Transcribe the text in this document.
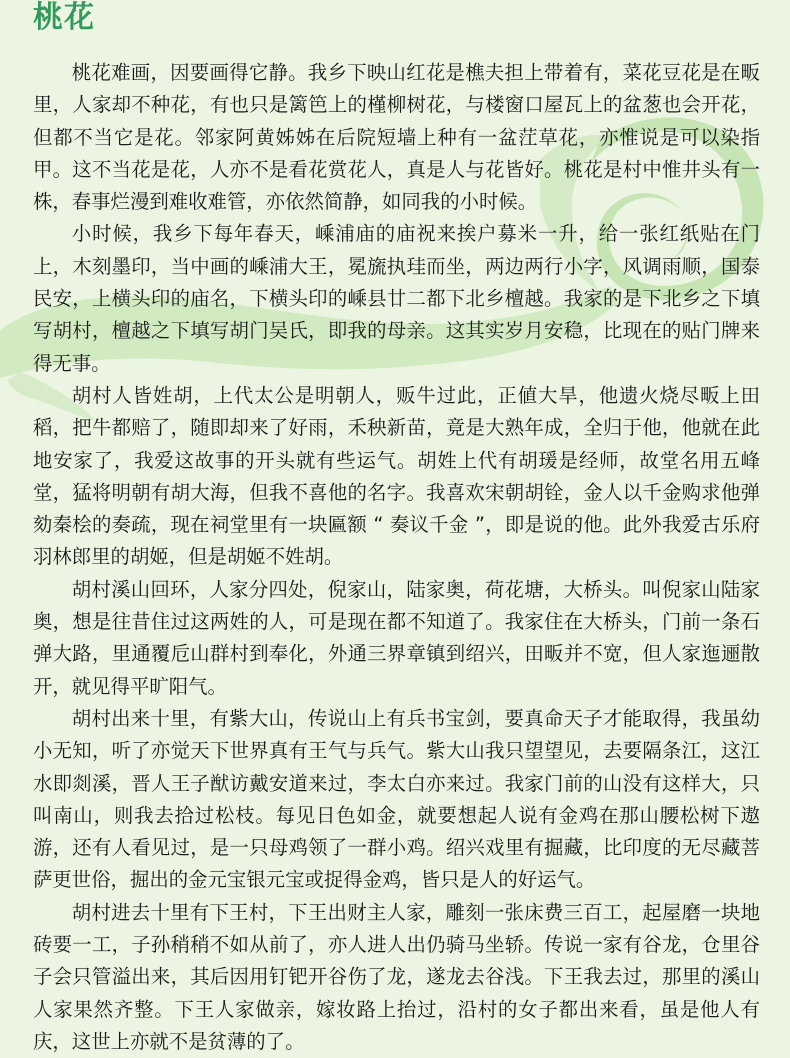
桃花

桃花难画，因要画得它静。我乡下映山红花是樵夫担上带着有，菜花豆花是在畈里，人家却不种花，有也只是篱笆上的槿柳树花，与楼窗口屋瓦上的盆葱也会开花，但都不当它是花。邻家阿黄姊姊在后院短墙上种有一盆茳草花，亦惟说是可以染指甲。这不当花是花，人亦不是看花赏花人，真是人与花皆好。桃花是村中惟井头有一株，春事烂漫到难收难管，亦依然简静，如同我的小时候。

小时候，我乡下每年春天，嵊浦庙的庙祝来挨户募米一升，给一张红纸贴在门上，木刻墨印，当中画的嵊浦大王，冕旒执珪而坐，两边两行小字，风调雨顺，国泰民安，上横头印的庙名，下横头印的嵊县廿二都下北乡檀越。我家的是下北乡之下填写胡村，檀越之下填写胡门吴氏，即我的母亲。这其实岁月安稳，比现在的贴门牌来得无事。

胡村人皆姓胡，上代太公是明朝人，贩牛过此，正値大旱，他遗火烧尽畈上田稻，把牛都赔了，随即却来了好雨，禾秧新苗，竟是大熟年成，全归于他，他就在此地安家了，我爱这故事的开头就有些运气。胡姓上代有胡瑗是经师，故堂名用五峰堂，猛将明朝有胡大海，但我不喜他的名字。我喜欢宋朝胡铨，金人以千金购求他弹劾秦桧的奏疏，现在祠堂里有一块匾额 “ 奏议千金 ”，即是说的他。此外我爱古乐府羽林郎里的胡姬，但是胡姬不姓胡。

胡村溪山回环，人家分四处，倪家山，陆家奥，荷花塘，大桥头。叫倪家山陆家奥，想是往昔住过这两姓的人，可是现在都不知道了。我家住在大桥头，门前一条石弹大路，里通覆卮山群村到奉化，外通三界章镇到绍兴，田畈并不宽，但人家迤逦散开，就见得平旷阳气。

胡村出来十里，有紫大山，传说山上有兵书宝剑，要真命天子才能取得，我虽幼小无知，听了亦觉天下世界真有王气与兵气。紫大山我只望望见，去要隔条江，这江水即剡溪，晋人王子猷访戴安道来过，李太白亦来过。我家门前的山没有这样大，只叫南山，则我去拾过松枝。每见日色如金，就要想起人说有金鸡在那山腰松树下遨游，还有人看见过，是一只母鸡领了一群小鸡。绍兴戏里有掘藏，比印度的无尽藏菩萨更世俗，掘出的金元宝银元宝或捉得金鸡，皆只是人的好运气。

胡村进去十里有下王村，下王出财主人家，雕刻一张床费三百工，起屋磨一块地砖要一工，子孙稍稍不如从前了，亦人进人出仍骑马坐轿。传说一家有谷龙，仓里谷子会只管溢出来，其后因用钉钯开谷伤了龙，遂龙去谷浅。下王我去过，那里的溪山人家果然齐整。下王人家做亲，嫁妆路上抬过，沿村的女子都出来看，虽是他人有庆，这世上亦就不是贫薄的了。
